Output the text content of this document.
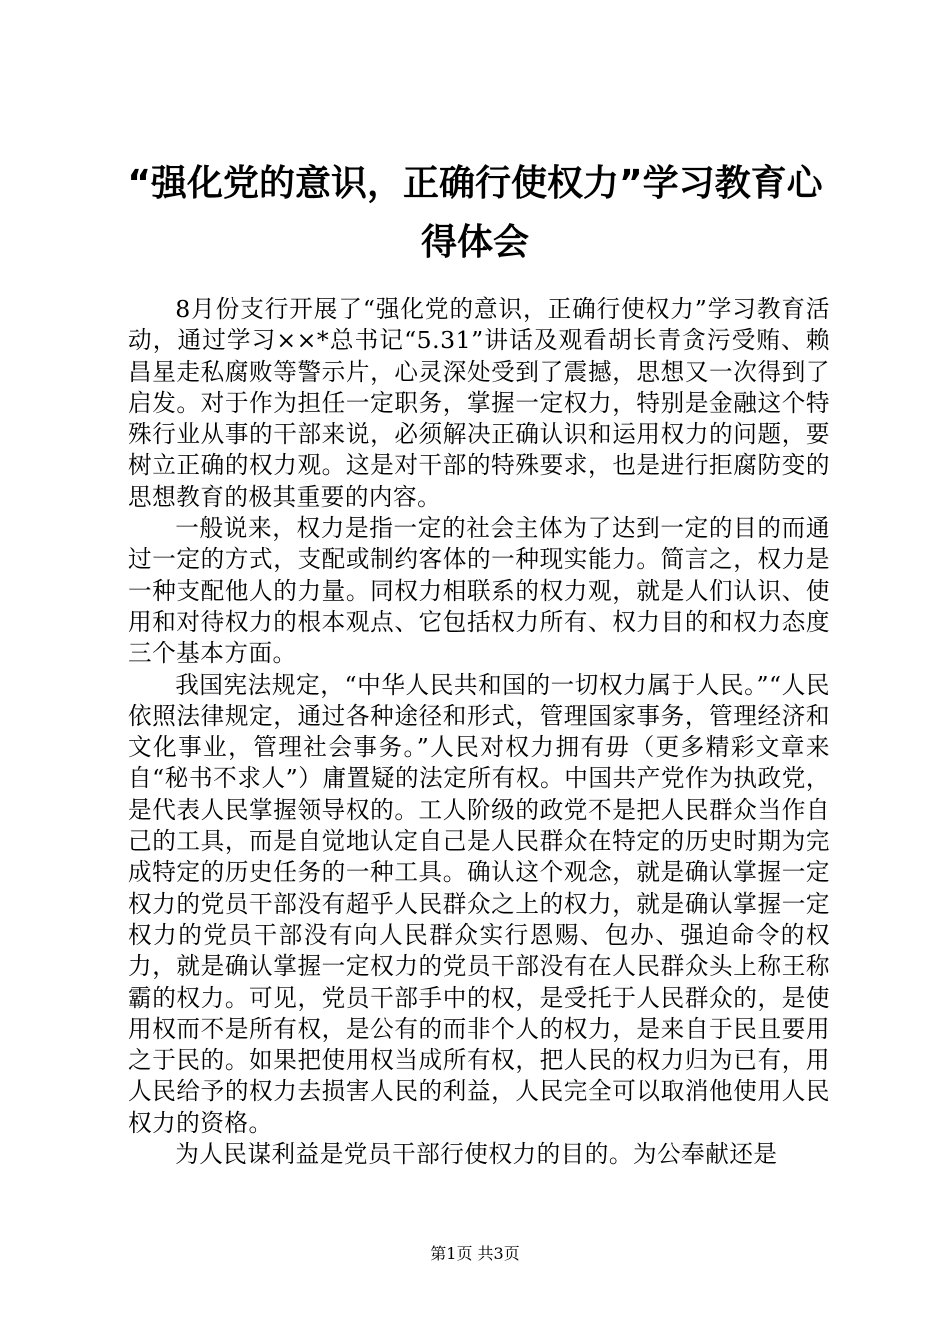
“强化党的意识，正确行使权力”学习教育心
得体会

8月份支行开展了“强化党的意识，正确行使权力”学习教育活动，通过学习××*总书记“5.31”讲话及观看胡长青贪污受贿、赖昌星走私腐败等警示片，心灵深处受到了震撼，思想又一次得到了启发。对于作为担任一定职务，掌握一定权力，特别是金融这个特殊行业从事的干部来说，必须解决正确认识和运用权力的问题，要树立正确的权力观。这是对干部的特殊要求，也是进行拒腐防变的思想教育的极其重要的内容。

一般说来，权力是指一定的社会主体为了达到一定的目的而通过一定的方式，支配或制约客体的一种现实能力。简言之，权力是一种支配他人的力量。同权力相联系的权力观，就是人们认识、使用和对待权力的根本观点、它包括权力所有、权力目的和权力态度三个基本方面。

我国宪法规定，“中华人民共和国的一切权力属于人民。”“人民依照法律规定，通过各种途径和形式，管理国家事务，管理经济和文化事业，管理社会事务。”人民对权力拥有毋（更多精彩文章来自“秘书不求人”）庸置疑的法定所有权。中国共产党作为执政党，是代表人民掌握领导权的。工人阶级的政党不是把人民群众当作自己的工具，而是自觉地认定自己是人民群众在特定的历史时期为完成特定的历史任务的一种工具。确认这个观念，就是确认掌握一定权力的党员干部没有超乎人民群众之上的权力，就是确认掌握一定权力的党员干部没有向人民群众实行恩赐、包办、强迫命令的权力，就是确认掌握一定权力的党员干部没有在人民群众头上称王称霸的权力。可见，党员干部手中的权，是受托于人民群众的，是使用权而不是所有权，是公有的而非个人的权力，是来自于民且要用之于民的。如果把使用权当成所有权，把人民的权力归为已有，用人民给予的权力去损害人民的利益，人民完全可以取消他使用人民权力的资格。

为人民谋利益是党员干部行使权力的目的。为公奉献还是

第1页 共3页
